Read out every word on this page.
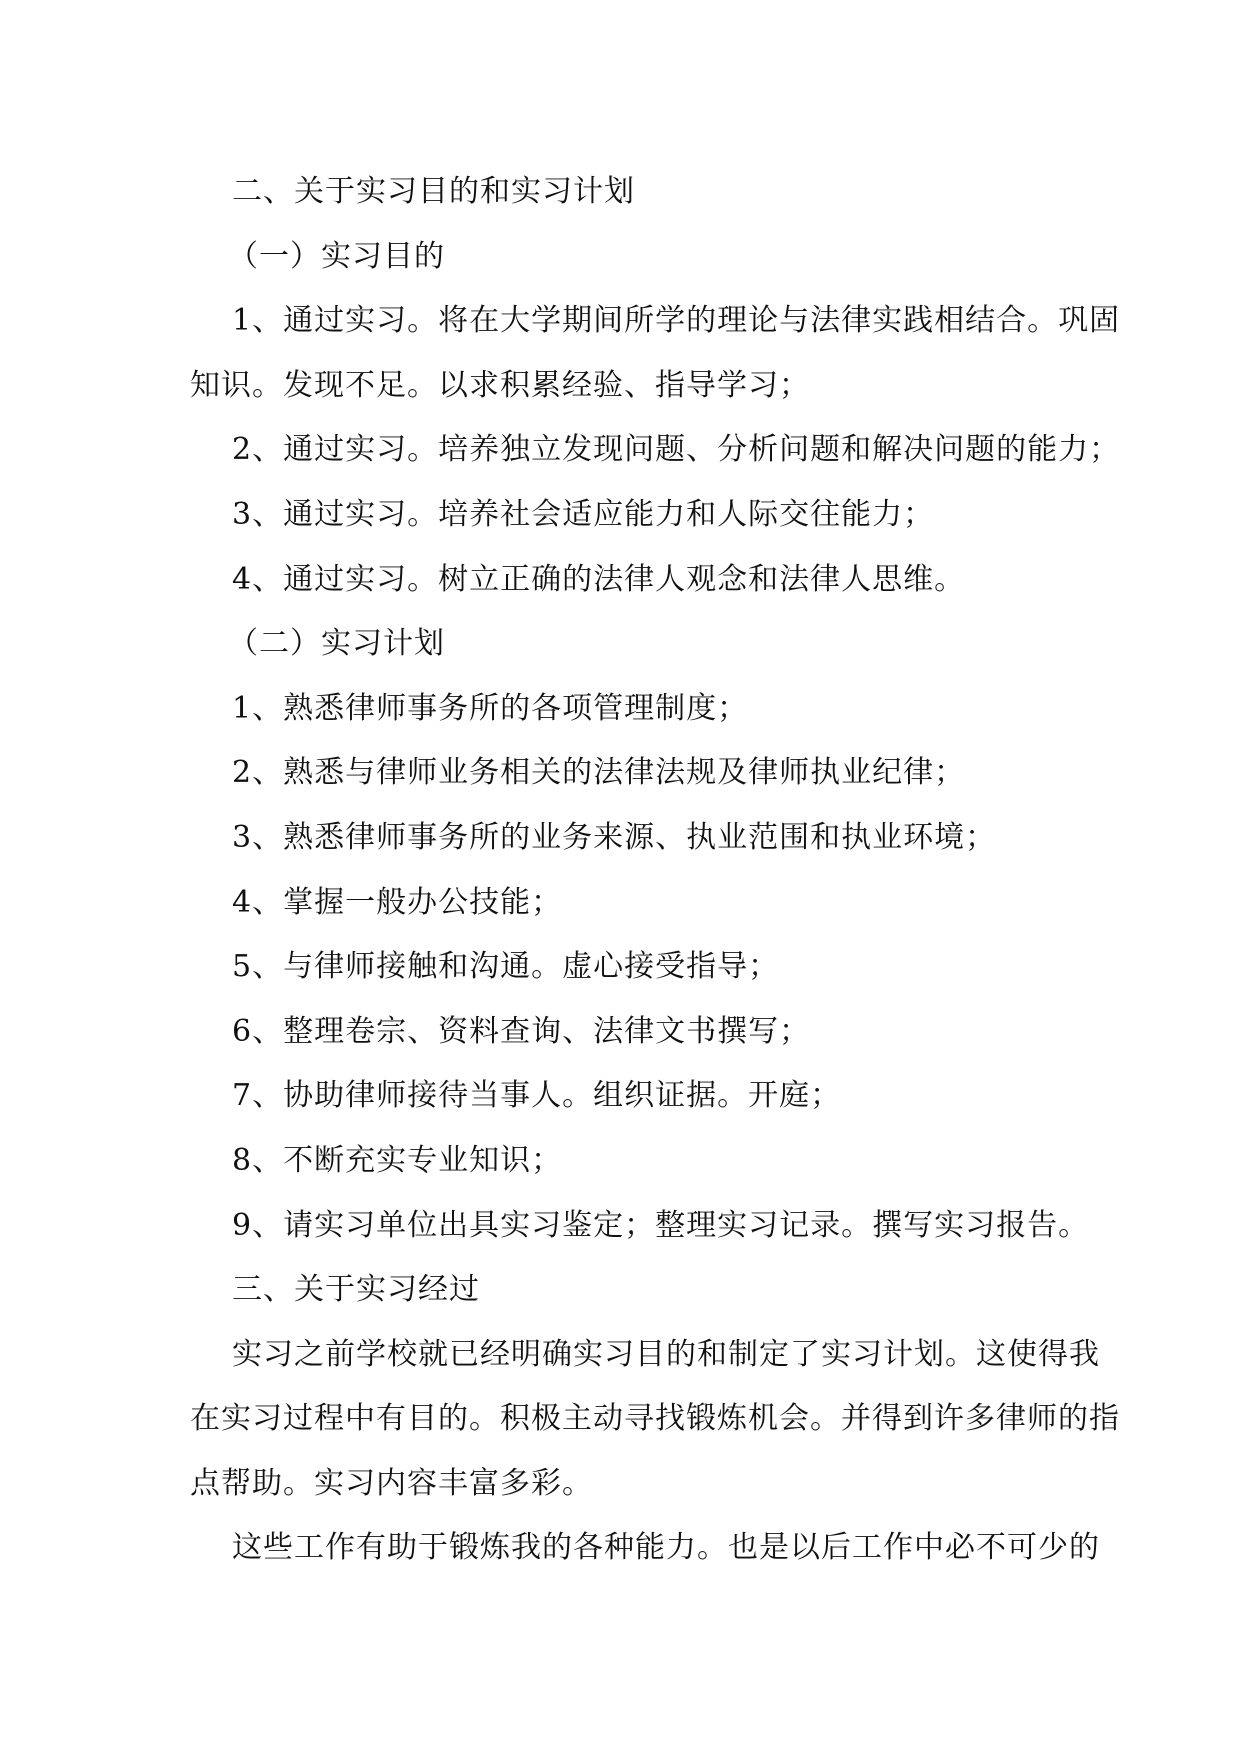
二、关于实习目的和实习计划
（一）实习目的
1、通过实习。将在大学期间所学的理论与法律实践相结合。巩固
知识。发现不足。以求积累经验、指导学习；
2、通过实习。培养独立发现问题、分析问题和解决问题的能力；
3、通过实习。培养社会适应能力和人际交往能力；
4、通过实习。树立正确的法律人观念和法律人思维。
（二）实习计划
1、熟悉律师事务所的各项管理制度；
2、熟悉与律师业务相关的法律法规及律师执业纪律；
3、熟悉律师事务所的业务来源、执业范围和执业环境；
4、掌握一般办公技能；
5、与律师接触和沟通。虚心接受指导；
6、整理卷宗、资料查询、法律文书撰写；
7、协助律师接待当事人。组织证据。开庭；
8、不断充实专业知识；
9、请实习单位出具实习鉴定；整理实习记录。撰写实习报告。
三、关于实习经过
实习之前学校就已经明确实习目的和制定了实习计划。这使得我
在实习过程中有目的。积极主动寻找锻炼机会。并得到许多律师的指
点帮助。实习内容丰富多彩。
这些工作有助于锻炼我的各种能力。也是以后工作中必不可少的
